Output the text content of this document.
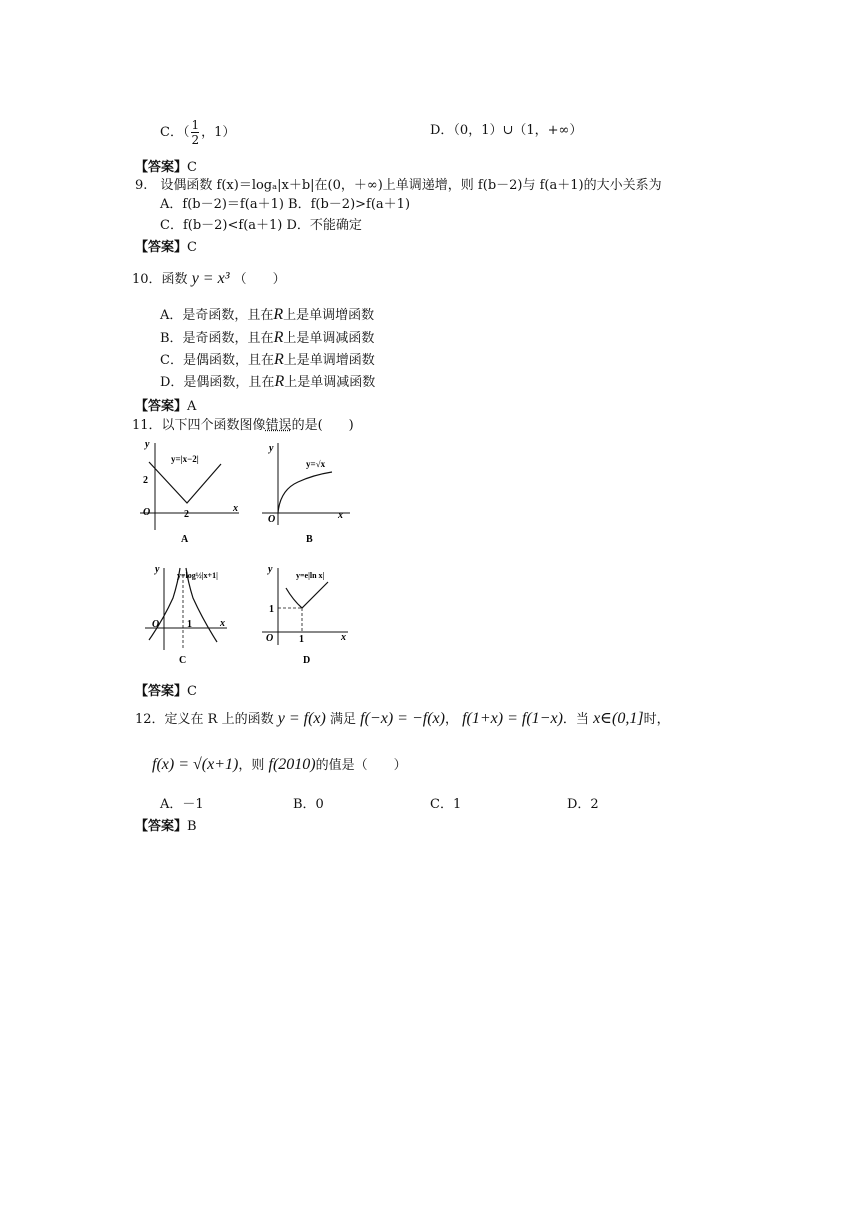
C．（ $\frac{1}{2}$ ，1）	D．（0，1）∪（1，+∞）
【答案】C
9.　设偶函数 f(x)＝logₐ|x＋b|在(0，＋∞)上单调递增，则 f(b－2)与 f(a＋1)的大小关系为
A．f(b－2)＝f(a＋1) B．f(b－2)>f(a＋1)
C．f(b－2)<f(a＋1) D．不能确定
【答案】C
10．函数 y = x³ （　　）
A．是奇函数，且在R上是单调增函数
B．是奇函数，且在R上是单调减函数
C．是偶函数，且在R上是单调增函数
D．是偶函数，且在R上是单调减函数
【答案】A
11．以下四个函数图像错误的是(　　)
y
x
O
2
2
y=|x−2|
A
y
x
O
y=√x
B
y
x
O	1
y=log½|x+1|
C
y
x
O
1
1
y=e|ln x|
D
【答案】C
12．定义在 R 上的函数 y = f(x) 满足 f(−x) = −f(x)， f(1+x) = f(1−x)．当 x∈(0,1]时，
f(x) = √(x+1)，则 f(2010)的值是（　　）
A．－1	B．0	C．1	D．2
【答案】B
